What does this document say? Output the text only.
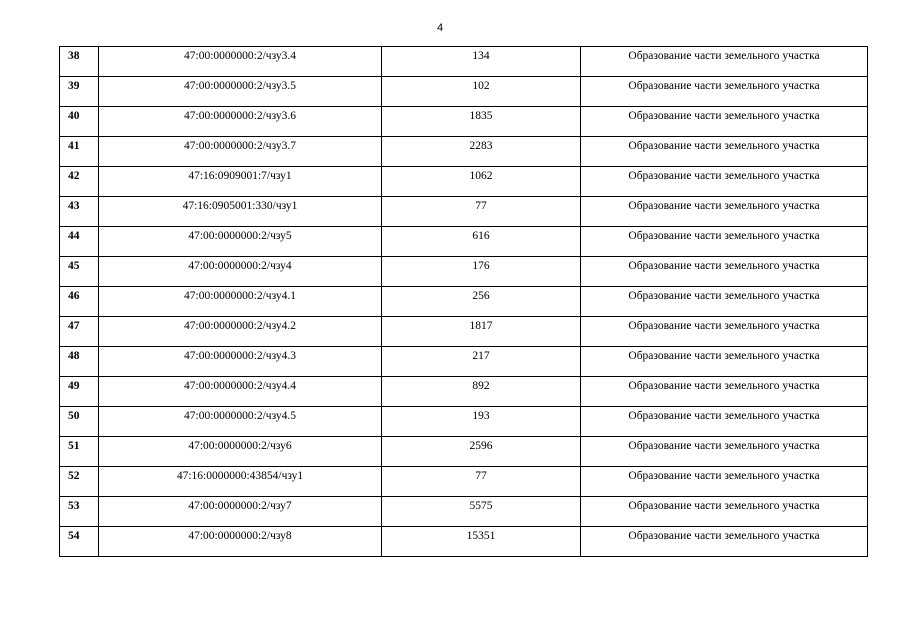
4
38	47:00:0000000:2/чзу3.4	134	Образование части земельного участка
39	47:00:0000000:2/чзу3.5	102	Образование части земельного участка
40	47:00:0000000:2/чзу3.6	1835	Образование части земельного участка
41	47:00:0000000:2/чзу3.7	2283	Образование части земельного участка
42	47:16:0909001:7/чзу1	1062	Образование части земельного участка
43	47:16:0905001:330/чзу1	77	Образование части земельного участка
44	47:00:0000000:2/чзу5	616	Образование части земельного участка
45	47:00:0000000:2/чзу4	176	Образование части земельного участка
46	47:00:0000000:2/чзу4.1	256	Образование части земельного участка
47	47:00:0000000:2/чзу4.2	1817	Образование части земельного участка
48	47:00:0000000:2/чзу4.3	217	Образование части земельного участка
49	47:00:0000000:2/чзу4.4	892	Образование части земельного участка
50	47:00:0000000:2/чзу4.5	193	Образование части земельного участка
51	47:00:0000000:2/чзу6	2596	Образование части земельного участка
52	47:16:0000000:43854/чзу1	77	Образование части земельного участка
53	47:00:0000000:2/чзу7	5575	Образование части земельного участка
54	47:00:0000000:2/чзу8	15351	Образование части земельного участка
